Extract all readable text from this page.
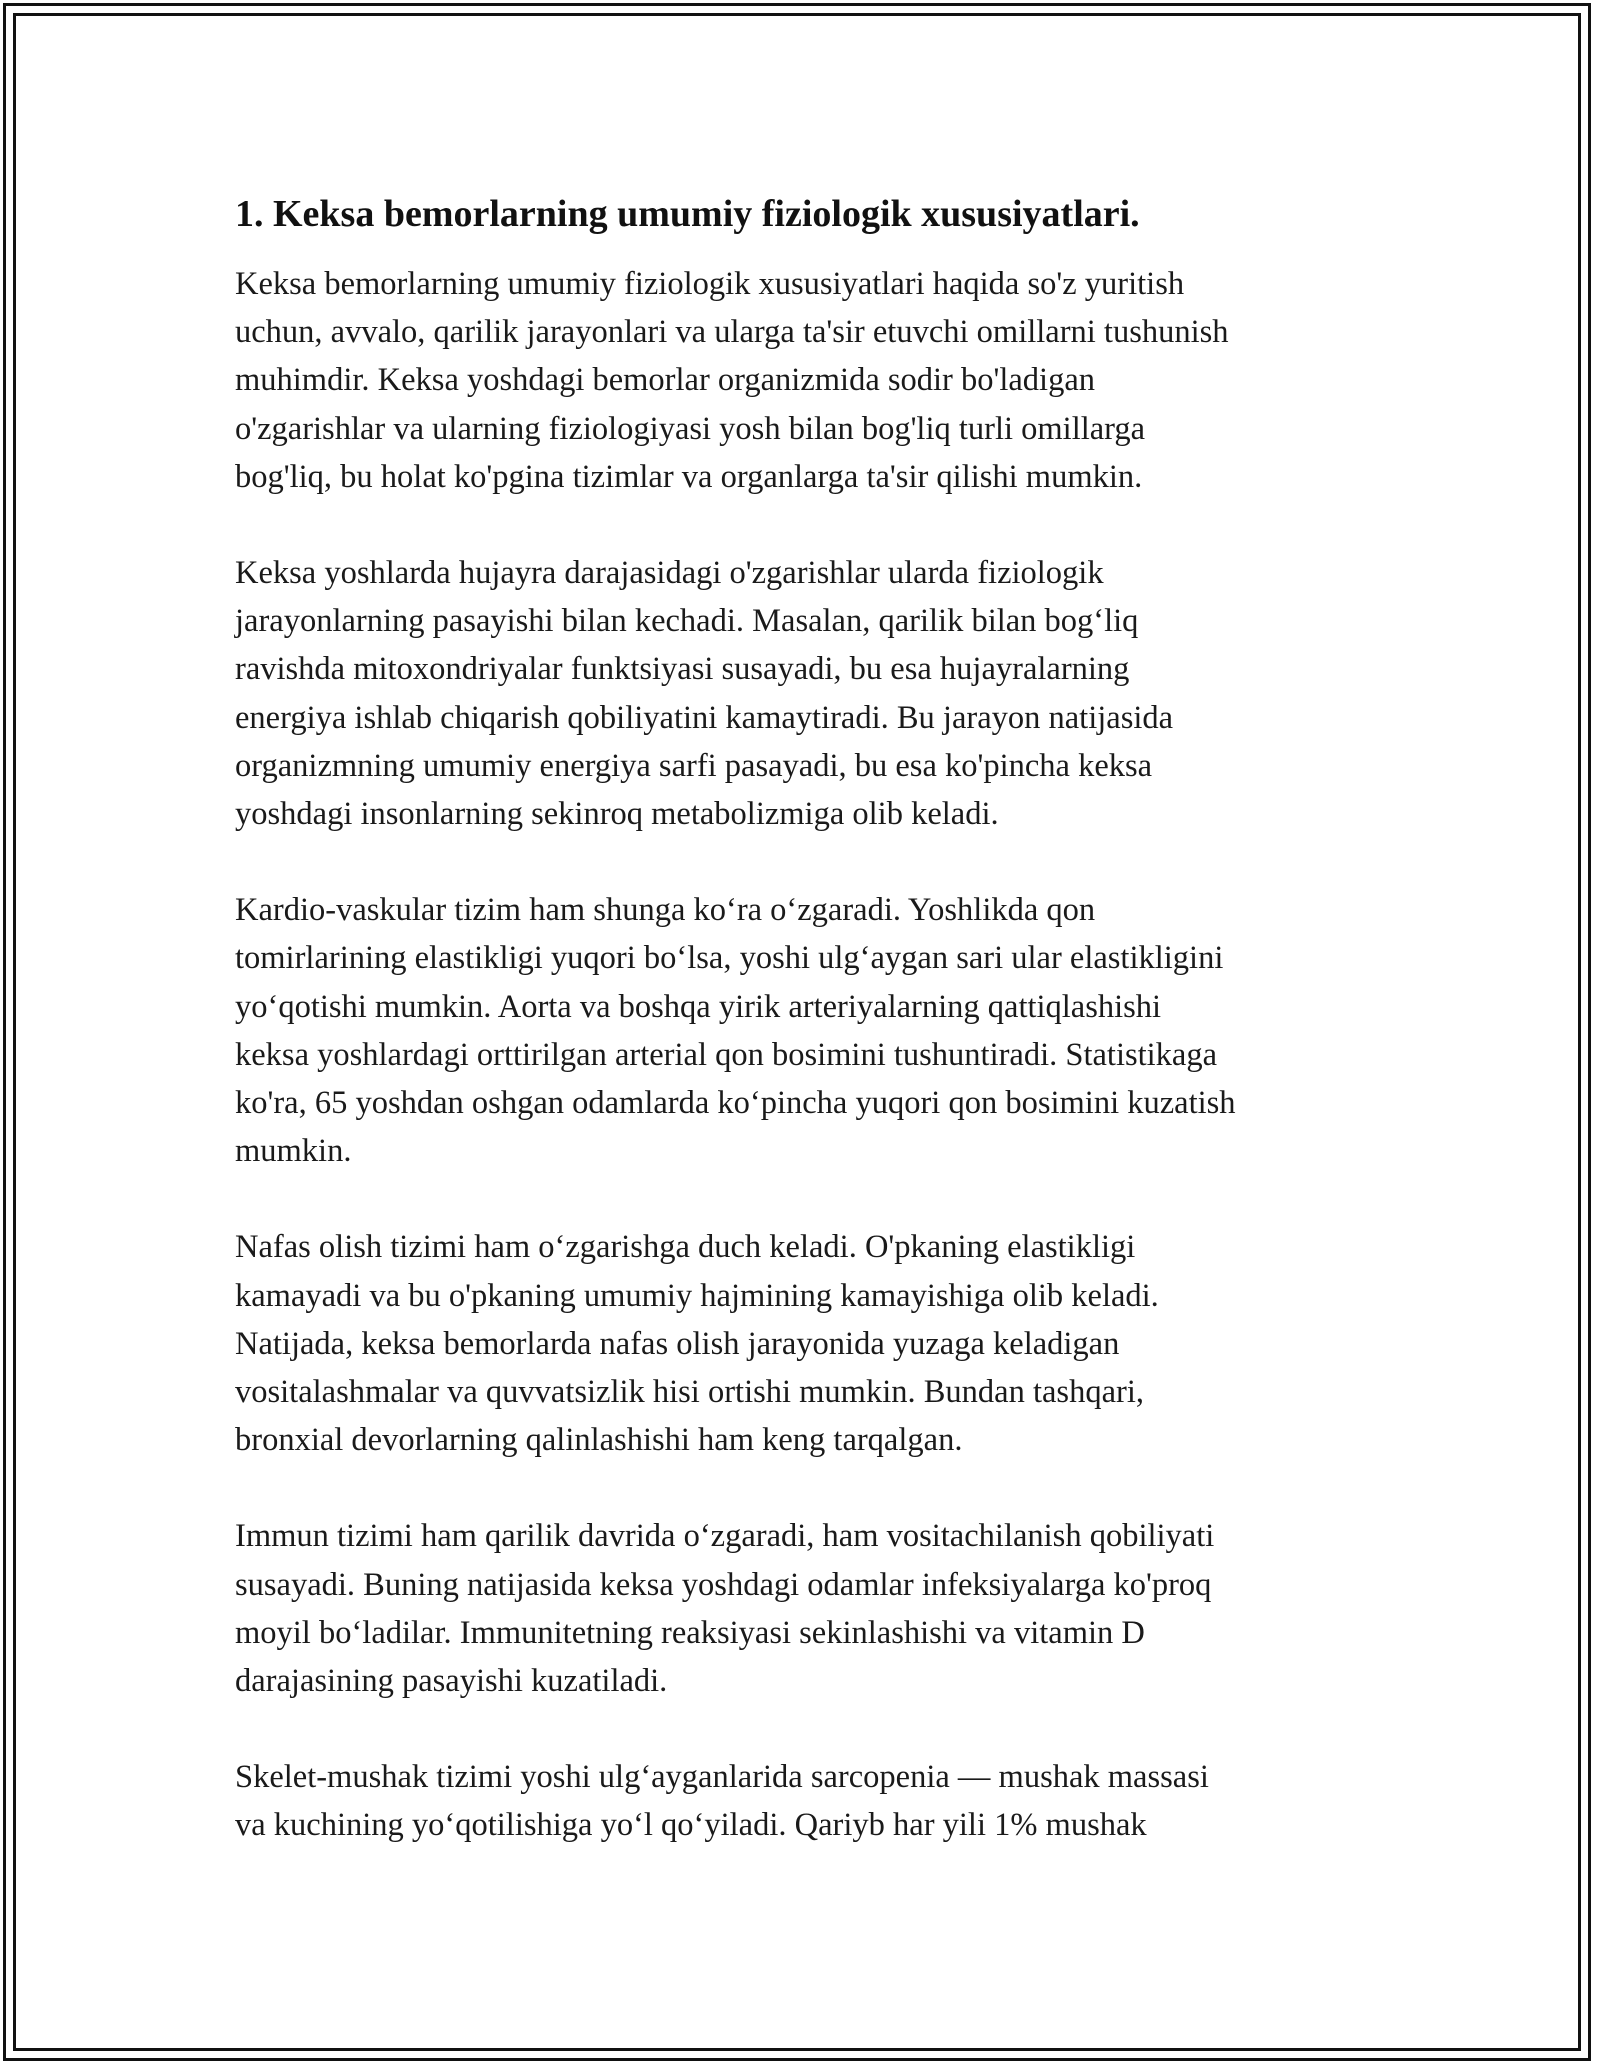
1. Keksa bemorlarning umumiy fiziologik xususiyatlari.

Keksa bemorlarning umumiy fiziologik xususiyatlari haqida so'z yuritish
uchun, avvalo, qarilik jarayonlari va ularga ta'sir etuvchi omillarni tushunish
muhimdir. Keksa yoshdagi bemorlar organizmida sodir bo'ladigan
o'zgarishlar va ularning fiziologiyasi yosh bilan bog'liq turli omillarga
bog'liq, bu holat ko'pgina tizimlar va organlarga ta'sir qilishi mumkin.

Keksa yoshlarda hujayra darajasidagi o'zgarishlar ularda fiziologik
jarayonlarning pasayishi bilan kechadi. Masalan, qarilik bilan bog‘liq
ravishda mitoxondriyalar funktsiyasi susayadi, bu esa hujayralarning
energiya ishlab chiqarish qobiliyatini kamaytiradi. Bu jarayon natijasida
organizmning umumiy energiya sarfi pasayadi, bu esa ko'pincha keksa
yoshdagi insonlarning sekinroq metabolizmiga olib keladi.

Kardio-vaskular tizim ham shunga ko‘ra o‘zgaradi. Yoshlikda qon
tomirlarining elastikligi yuqori bo‘lsa, yoshi ulg‘aygan sari ular elastikligini
yo‘qotishi mumkin. Aorta va boshqa yirik arteriyalarning qattiqlashishi
keksa yoshlardagi orttirilgan arterial qon bosimini tushuntiradi. Statistikaga
ko'ra, 65 yoshdan oshgan odamlarda ko‘pincha yuqori qon bosimini kuzatish
mumkin.

Nafas olish tizimi ham o‘zgarishga duch keladi. O'pkaning elastikligi
kamayadi va bu o'pkaning umumiy hajmining kamayishiga olib keladi.
Natijada, keksa bemorlarda nafas olish jarayonida yuzaga keladigan
vositalashmalar va quvvatsizlik hisi ortishi mumkin. Bundan tashqari,
bronxial devorlarning qalinlashishi ham keng tarqalgan.

Immun tizimi ham qarilik davrida o‘zgaradi, ham vositachilanish qobiliyati
susayadi. Buning natijasida keksa yoshdagi odamlar infeksiyalarga ko'proq
moyil bo‘ladilar. Immunitetning reaksiyasi sekinlashishi va vitamin D
darajasining pasayishi kuzatiladi.

Skelet-mushak tizimi yoshi ulg‘ayganlarida sarcopenia — mushak massasi
va kuchining yo‘qotilishiga yo‘l qo‘yiladi. Qariyb har yili 1% mushak
